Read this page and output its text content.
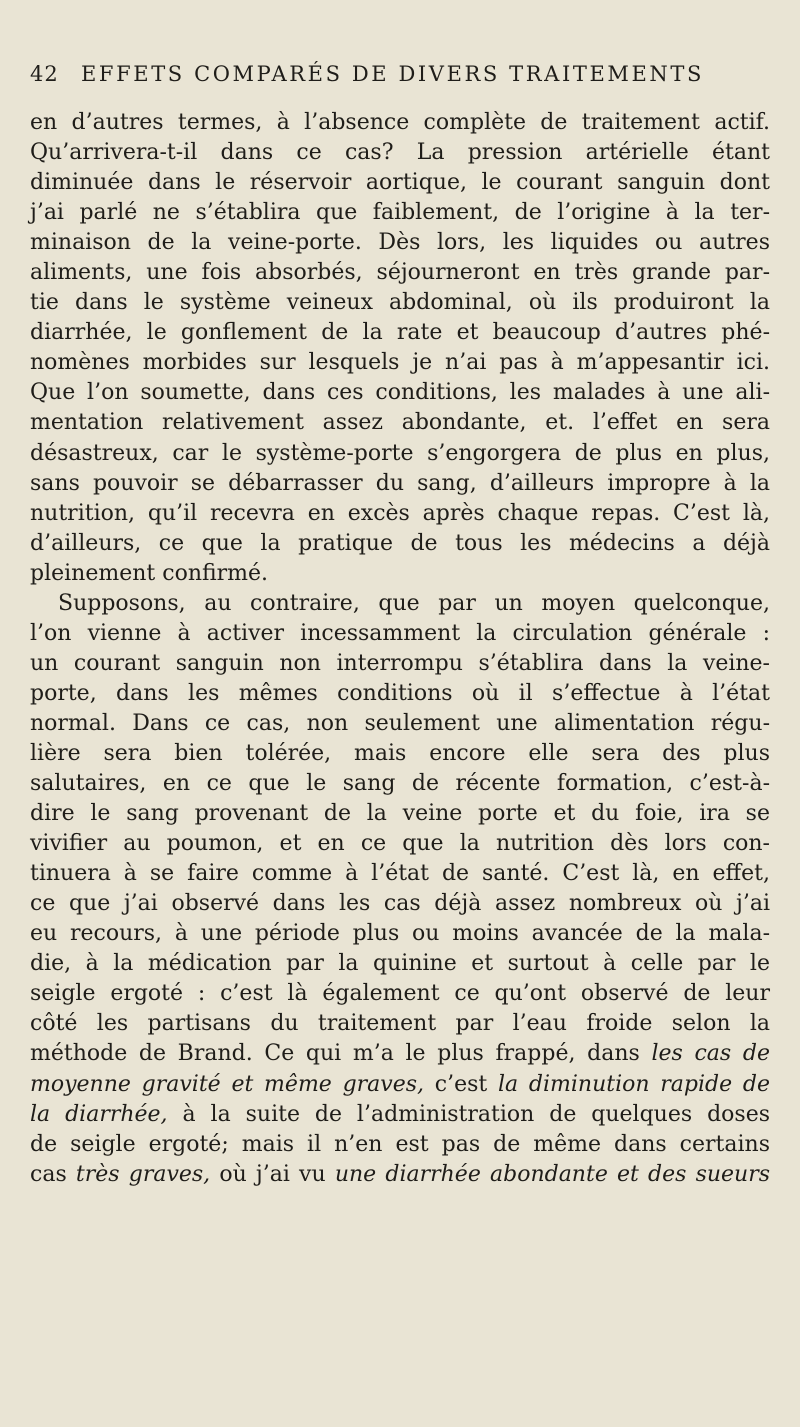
42 EFFETS COMPARÉS DE DIVERS TRAITEMENTS
en d’autres termes, à l’absence complète de traitement actif.
Qu’arrivera-t-il dans ce cas? La pression artérielle étant
diminuée dans le réservoir aortique, le courant sanguin dont
j’ai parlé ne s’établira que faiblement, de l’origine à la ter-
minaison de la veine-porte. Dès lors, les liquides ou autres
aliments, une fois absorbés, séjourneront en très grande par-
tie dans le système veineux abdominal, où ils produiront la
diarrhée, le gonflement de la rate et beaucoup d’autres phé-
nomènes morbides sur lesquels je n’ai pas à m’appesantir ici.
Que l’on soumette, dans ces conditions, les malades à une ali-
mentation relativement assez abondante, et. l’effet en sera
désastreux, car le système-porte s’engorgera de plus en plus,
sans pouvoir se débarrasser du sang, d’ailleurs impropre à la
nutrition, qu’il recevra en excès après chaque repas. C’est là,
d’ailleurs, ce que la pratique de tous les médecins a déjà
pleinement confirmé.
Supposons, au contraire, que par un moyen quelconque,
l’on vienne à activer incessamment la circulation générale :
un courant sanguin non interrompu s’établira dans la veine-
porte, dans les mêmes conditions où il s’effectue à l’état
normal. Dans ce cas, non seulement une alimentation régu-
lière sera bien tolérée, mais encore elle sera des plus
salutaires, en ce que le sang de récente formation, c’est-à-
dire le sang provenant de la veine porte et du foie, ira se
vivifier au poumon, et en ce que la nutrition dès lors con-
tinuera à se faire comme à l’état de santé. C’est là, en effet,
ce que j’ai observé dans les cas déjà assez nombreux où j’ai
eu recours, à une période plus ou moins avancée de la mala-
die, à la médication par la quinine et surtout à celle par le
seigle ergoté : c’est là également ce qu’ont observé de leur
côté les partisans du traitement par l’eau froide selon la
méthode de Brand. Ce qui m’a le plus frappé, dans les cas de
moyenne gravité et même graves, c’est la diminution rapide de
la diarrhée, à la suite de l’administration de quelques doses
de seigle ergoté; mais il n’en est pas de même dans certains
cas très graves, où j’ai vu une diarrhée abondante et des sueurs
